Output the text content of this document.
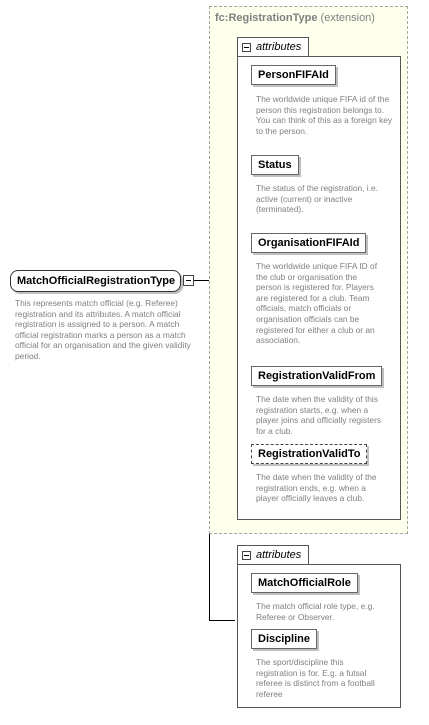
MatchOfficialRegistrationType
This represents match official (e.g. Referee) registration and its attributes. A match official registration is assigned to a person. A match official registration marks a person as a match official for an organisation and the given validity period.
fc:RegistrationType (extension)
attributes
PersonFIFAId
The worldwide unique FIFA id of the person this registration belongs to. You can think of this as a foreign key to the person.
Status
The status of the registration, i.e. active (current) or inactive (terminated).
OrganisationFIFAId
The worldwide unique FIFA ID of the club or organisation the person is registered for. Players are registered for a club. Team officials, match officials or organisation officials can be registered for either a club or an association.
RegistrationValidFrom
The date when the validity of this registration starts, e.g. when a player joins and officially registers for a club.
RegistrationValidTo
The date when the validity of the registration ends, e.g. when a player officially leaves a club.
attributes
MatchOfficialRole
The match official role type, e.g. Referee or Observer.
Discipline
The sport/discipline this registration is for. E.g. a futsal referee is distinct from a football referee
